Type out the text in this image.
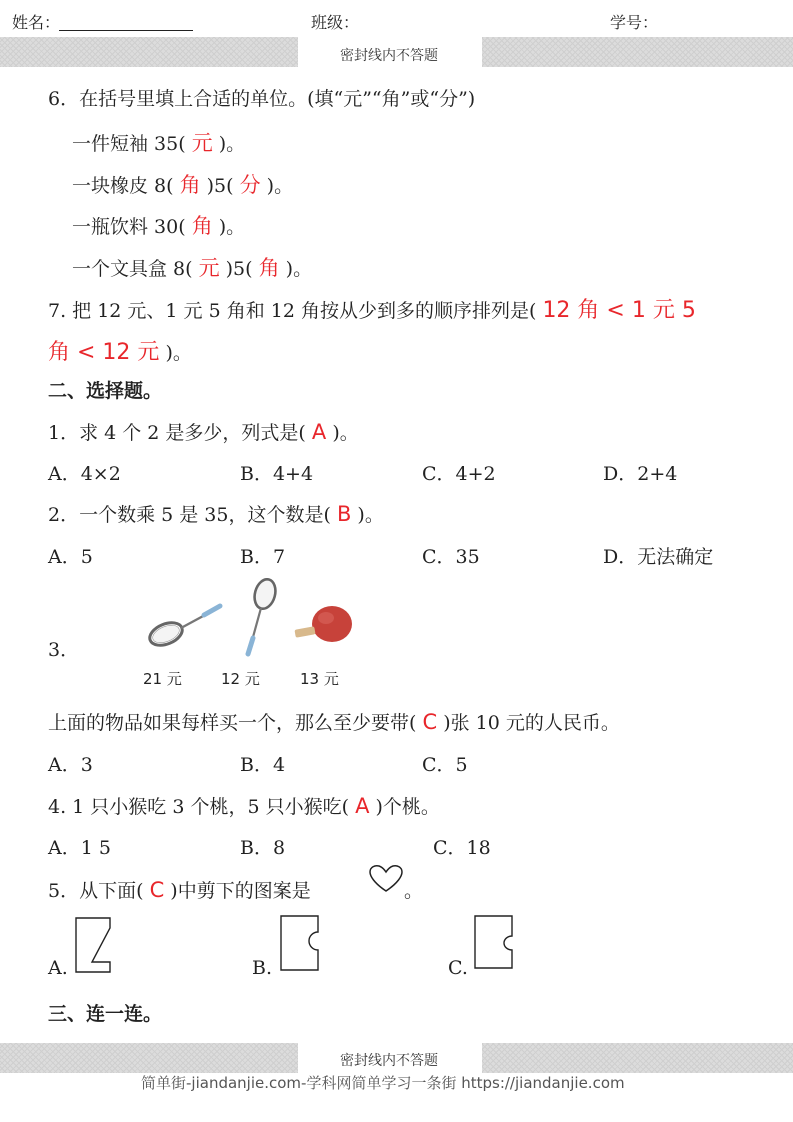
姓名：	班级：	学号：
密封线内不答题
6．在括号里填上合适的单位。(填“元”“角”或“分”)
一件短袖 35( 元 )。
一块橡皮 8( 角 )5( 分 )。
一瓶饮料 30( 角 )。
一个文具盒 8( 元 )5( 角 )。
7. 把 12 元、1 元 5 角和 12 角按从少到多的顺序排列是( 12 角 < 1 元 5
角 < 12 元 )。
二、选择题。
1．求 4 个 2 是多少，列式是( A )。
A．4×2	B．4+4	C．4+2	D．2+4
2．一个数乘 5 是 35，这个数是( B )。
A．5	B．7	C．35	D．无法确定
3．
21 元	12 元	13 元
上面的物品如果每样买一个，那么至少要带( C )张 10 元的人民币。
A．3	B．4	C．5
4. 1 只小猴吃 3 个桃，5 只小猴吃( A )个桃。
A．1 5	B．8	C．18
5．从下面( C )中剪下的图案是	。
A.	B.	C.
三、连一连。
密封线内不答题
简单街-jiandanjie.com-学科网简单学习一条街 https://jiandanjie.com
